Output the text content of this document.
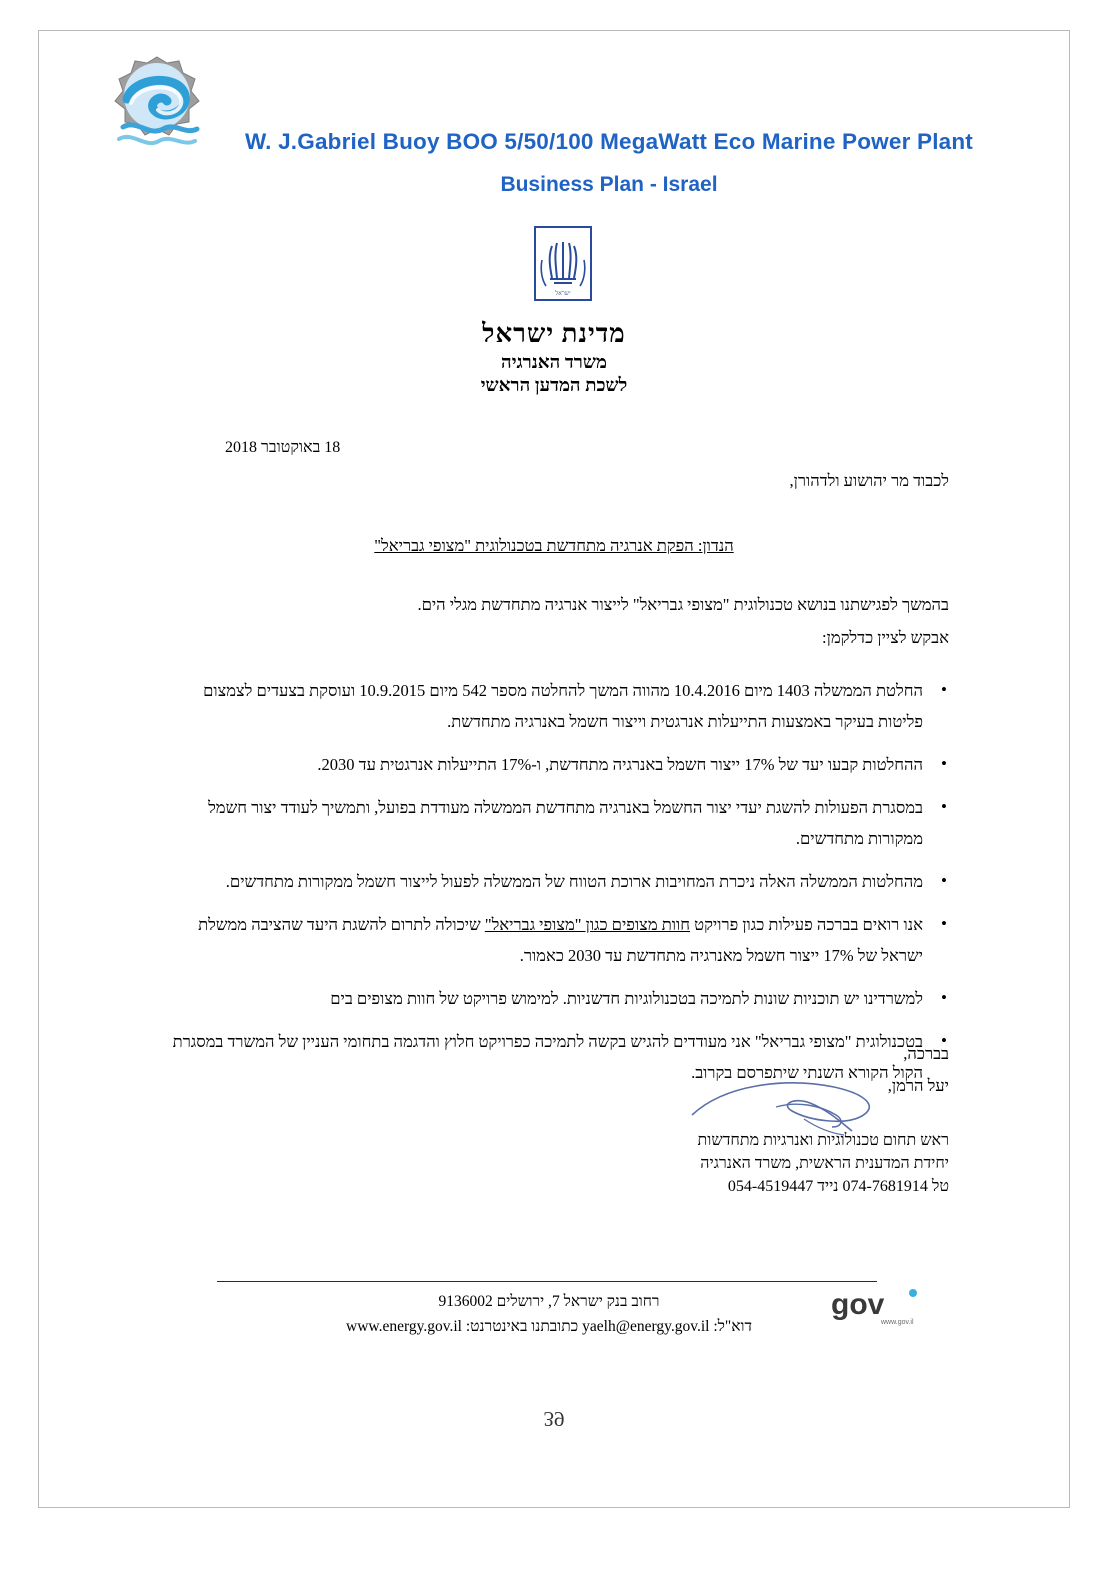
W. J.Gabriel Buoy BOO 5/50/100 MegaWatt Eco Marine Power Plant
Business Plan - Israel
ישראל
מדינת ישראל
משרד האנרגיה
לשכת המדען הראשי
18 באוקטובר 2018
לכבוד מר יהושוע ולדהורן,
הנדון: הפקת אנרגיה מתחדשת בטכנולוגית "מצופי גבריאל"

בהמשך לפגישתנו בנושא טכנולוגית "מצופי גבריאל" לייצור אנרגיה מתחדשת מגלי הים.

אבקש לציין כדלקמן:

• החלטת הממשלה 1403 מיום 10.4.2016 מהווה המשך להחלטה מספר 542 מיום 10.9.2015 ועוסקת בצעדים לצמצום פליטות בעיקר באמצעות התייעלות אנרגטית וייצור חשמל באנרגיה מתחדשת.
• ההחלטות קבעו יעד של 17% ייצור חשמל באנרגיה מתחדשת, ו-17% התייעלות אנרגטית עד 2030.
• במסגרת הפעולות להשגת יעדי יצור החשמל באנרגיה מתחדשת הממשלה מעודדת בפועל, ותמשיך לעודד יצור חשמל ממקורות מתחדשים.
• מהחלטות הממשלה האלה ניכרת המחויבות ארוכת הטווח של הממשלה לפעול לייצור חשמל ממקורות מתחדשים.
• אנו רואים בברכה פעילות כגון פרויקט חוות מצופים כגון "מצופי גבריאל" שיכולה לתרום להשגת היעד שהציבה ממשלת ישראל של 17% ייצור חשמל מאנרגיה מתחדשת עד 2030 כאמור.
• למשרדינו יש תוכניות שונות לתמיכה בטכנולוגיות חדשניות. למימוש פרויקט של חוות מצופים בים
• בטכנולוגית "מצופי גבריאל" אני מעודדים להגיש בקשה לתמיכה כפרויקט חלוץ והדגמה בתחומי העניין של המשרד במסגרת הקול הקורא השנתי שיתפרסם בקרוב.
בברכה,
יעל הרמן,
ראש תחום טכנולוגיות ואנרגיות מתחדשות
יחידת המדענית הראשית, משרד האנרגיה
טל 074-7681914 נייד 054-4519447
רחוב בנק ישראל 7, ירושלים 9136002
דוא"ל: yaelh@energy.gov.il כתובתנו באינטרנט: www.energy.gov.il
gov
www.gov.il
39
